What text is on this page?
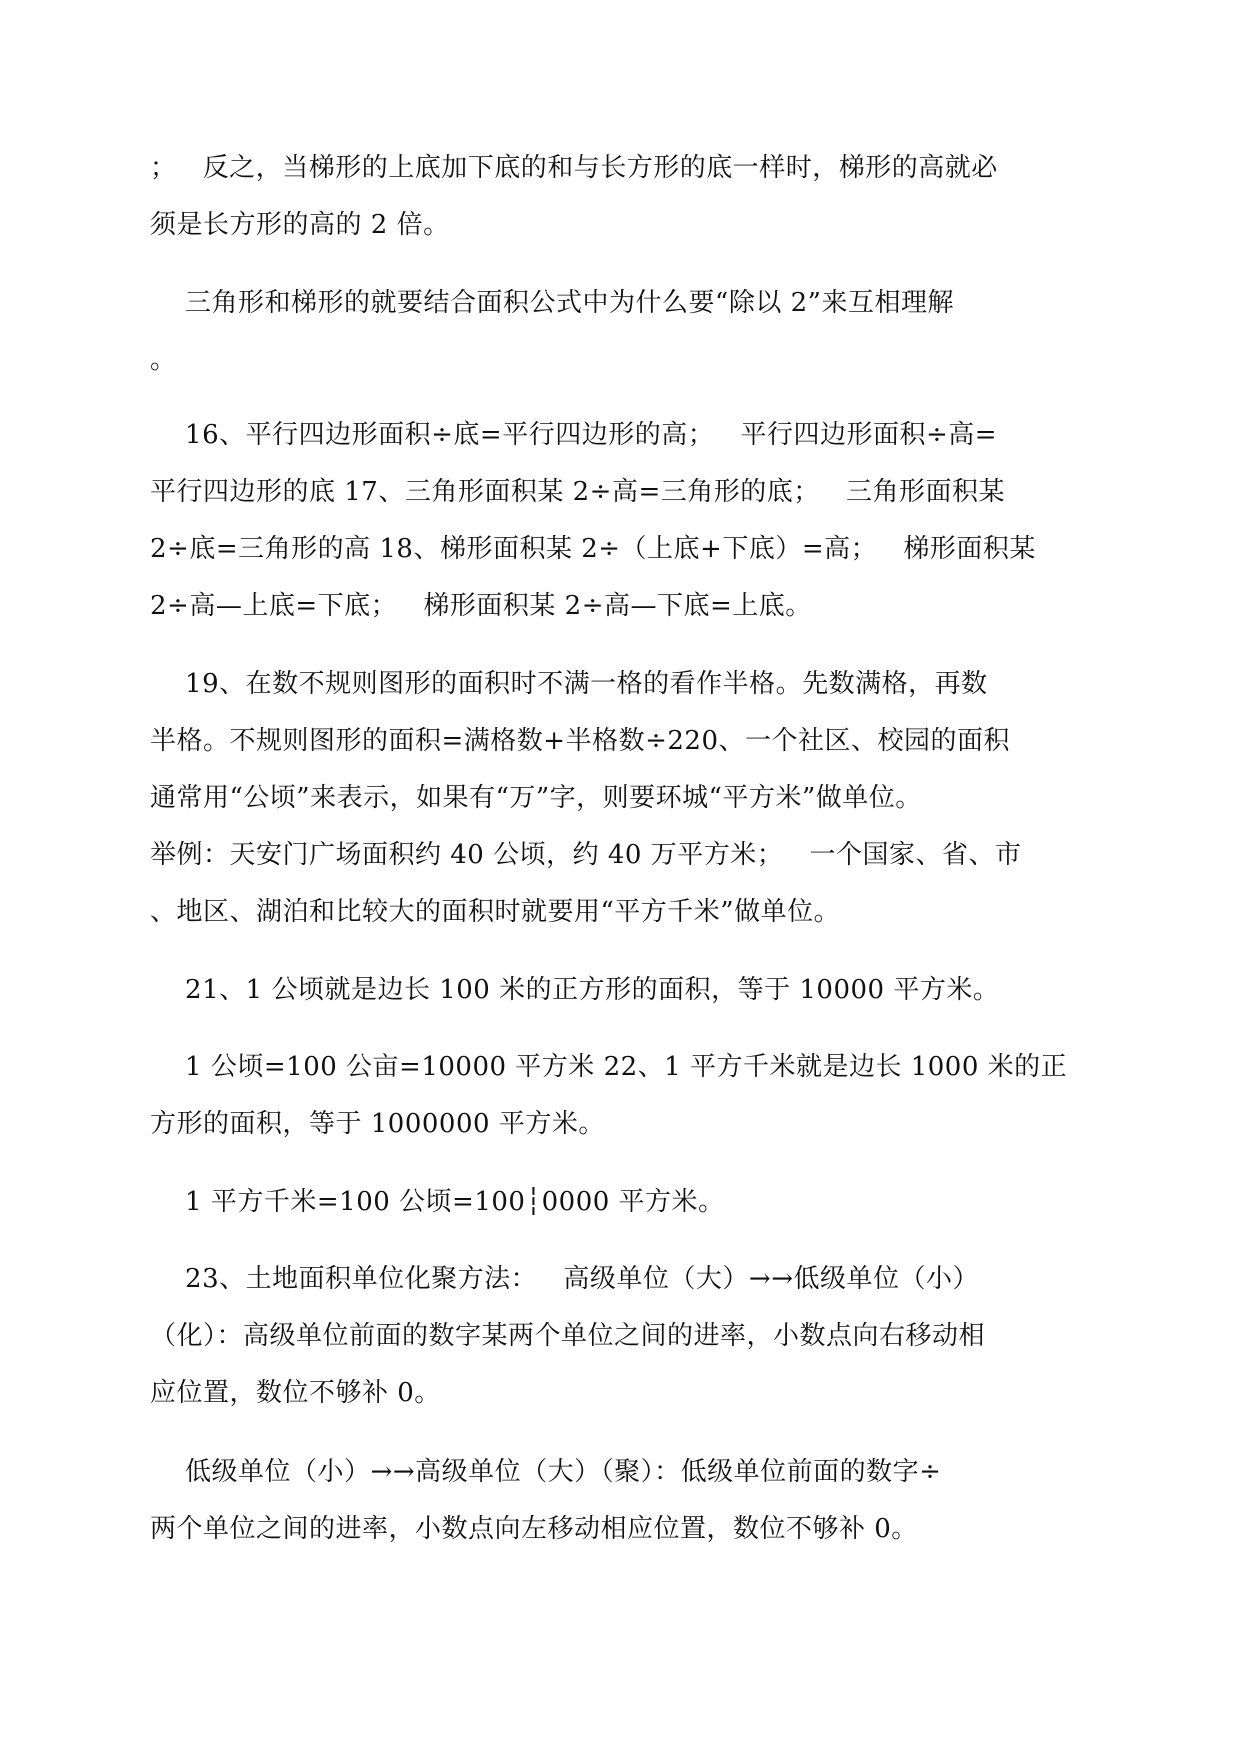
；   反之，当梯形的上底加下底的和与长方形的底一样时，梯形的高就必
须是长方形的高的 2 倍。
三角形和梯形的就要结合面积公式中为什么要“除以 2”来互相理解
。
16、平行四边形面积÷底=平行四边形的高；   平行四边形面积÷高=
平行四边形的底 17、三角形面积某 2÷高=三角形的底；   三角形面积某
2÷底=三角形的高 18、梯形面积某 2÷（上底+下底）=高；   梯形面积某
2÷高—上底=下底；   梯形面积某 2÷高—下底=上底。
19、在数不规则图形的面积时不满一格的看作半格。先数满格，再数
半格。不规则图形的面积=满格数+半格数÷220、一个社区、校园的面积
通常用“公顷”来表示，如果有“万”字，则要环城“平方米”做单位。
举例：天安门广场面积约 40 公顷，约 40 万平方米；   一个国家、省、市
、地区、湖泊和比较大的面积时就要用“平方千米”做单位。
21、1 公顷就是边长 100 米的正方形的面积，等于 10000 平方米。
1 公顷=100 公亩=10000 平方米 22、1 平方千米就是边长 1000 米的正
方形的面积，等于 1000000 平方米。
1 平方千米=100 公顷=100┆0000 平方米。
23、土地面积单位化聚方法：   高级单位（大）→→低级单位（小）
（化）：高级单位前面的数字某两个单位之间的进率，小数点向右移动相
应位置，数位不够补 0。
低级单位（小）→→高级单位（大）（聚）：低级单位前面的数字÷
两个单位之间的进率，小数点向左移动相应位置，数位不够补 0。
